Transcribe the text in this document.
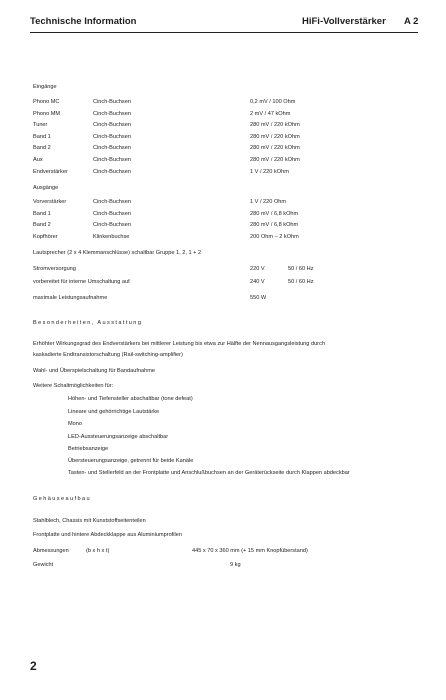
Technische Information	HiFi-Vollverstärker A 2
Eingänge
Phono MC	Cinch-Buchsen	0,2 mV / 100 Ohm
Phono MM	Cinch-Buchsen	2 mV / 47 kOhm
Tuner	Cinch-Buchsen	280 mV / 220 kOhm
Band 1	Cinch-Buchsen	280 mV / 220 kOhm
Band 2	Cinch-Buchsen	280 mV / 220 kOhm
Aux	Cinch-Buchsen	280 mV / 220 kOhm
Endverstärker	Cinch-Buchsen	1 V / 220 kOhm
Ausgänge
Vorverstärker	Cinch-Buchsen	1 V / 220 Ohm
Band 1	Cinch-Buchsen	280 mV / 6,8 kOhm
Band 2	Cinch-Buchsen	280 mV / 6,8 kOhm
Kopfhörer	Klinkenbuchse	200 Ohm – 2 kOhm
Lautsprecher (2 x 4 Klemmanschlüsse) schaltbar Gruppe 1, 2, 1 + 2
Stromversorgung	220 V	50 / 60 Hz
vorbereitet für interne Umschaltung auf	240 V	50 / 60 Hz
maximale Leistungsaufnahme	550 W
Besonderheiten, Ausstattung
Erhöhter Wirkungsgrad des Endverstärkers bei mittlerer Leistung bis etwa zur Hälfte der Nennausgangsleistung durch
kaskadierte Endtransistorschaltung (Rail-switching-amplifier)
Wahl- und Überspielschaltung für Bandaufnahme
Weitere Schaltmöglichkeiten für:
Höhen- und Tiefensteller abschaltbar (tone defeat)
Lineare und gehörrichtige Lautstärke
Mono
LED-Aussteuerungsanzeige abschaltbar
Betriebsanzeige
Übersteuerungsanzeige, getrennt für beide Kanäle
Tasten- und Stellerfeld an der Frontplatte und Anschlußbuchsen an der Geräterückseite durch Klappen abdeckbar
Gehäuseaufbau
Stahlblech, Chassis mit Kunststoffseitenteilen
Frontplatte und hintere Abdeckklappe aus Aluminiumprofilen
Abmessungen	(b x h x t)	445 x 70 x 360 mm (+ 15 mm Knopfüberstand)
Gewicht	9 kg
2
